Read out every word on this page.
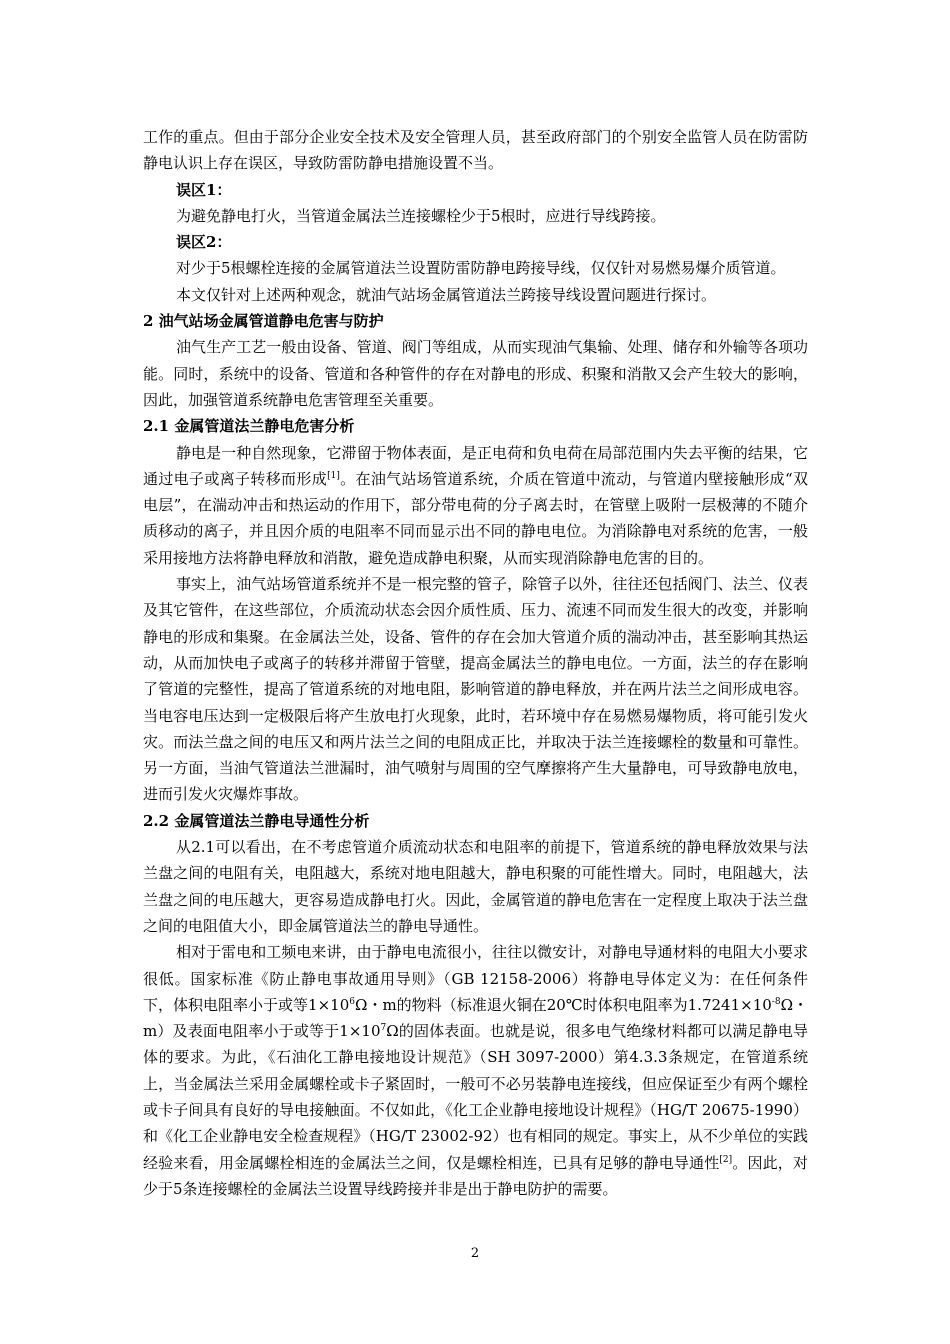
工作的重点。但由于部分企业安全技术及安全管理人员，甚至政府部门的个别安全监管人员在防雷防静电认识上存在误区，导致防雷防静电措施设置不当。

误区1：

为避免静电打火，当管道金属法兰连接螺栓少于5根时，应进行导线跨接。

误区2：

对少于5根螺栓连接的金属管道法兰设置防雷防静电跨接导线，仅仅针对易燃易爆介质管道。

本文仅针对上述两种观念，就油气站场金属管道法兰跨接导线设置问题进行探讨。

2 油气站场金属管道静电危害与防护

油气生产工艺一般由设备、管道、阀门等组成，从而实现油气集输、处理、储存和外输等各项功能。同时，系统中的设备、管道和各种管件的存在对静电的形成、积聚和消散又会产生较大的影响，因此，加强管道系统静电危害管理至关重要。

2.1 金属管道法兰静电危害分析

静电是一种自然现象，它滞留于物体表面，是正电荷和负电荷在局部范围内失去平衡的结果，它通过电子或离子转移而形成[1]。在油气站场管道系统，介质在管道中流动，与管道内壁接触形成“双电层”，在湍动冲击和热运动的作用下，部分带电荷的分子离去时，在管壁上吸附一层极薄的不随介质移动的离子，并且因介质的电阻率不同而显示出不同的静电电位。为消除静电对系统的危害，一般采用接地方法将静电释放和消散，避免造成静电积聚，从而实现消除静电危害的目的。

事实上，油气站场管道系统并不是一根完整的管子，除管子以外，往往还包括阀门、法兰、仪表及其它管件，在这些部位，介质流动状态会因介质性质、压力、流速不同而发生很大的改变，并影响静电的形成和集聚。在金属法兰处，设备、管件的存在会加大管道介质的湍动冲击，甚至影响其热运动，从而加快电子或离子的转移并滞留于管壁，提高金属法兰的静电电位。一方面，法兰的存在影响了管道的完整性，提高了管道系统的对地电阻，影响管道的静电释放，并在两片法兰之间形成电容。当电容电压达到一定极限后将产生放电打火现象，此时，若环境中存在易燃易爆物质，将可能引发火灾。而法兰盘之间的电压又和两片法兰之间的电阻成正比，并取决于法兰连接螺栓的数量和可靠性。另一方面，当油气管道法兰泄漏时，油气喷射与周围的空气摩擦将产生大量静电，可导致静电放电，进而引发火灾爆炸事故。

2.2 金属管道法兰静电导通性分析

从2.1可以看出，在不考虑管道介质流动状态和电阻率的前提下，管道系统的静电释放效果与法兰盘之间的电阻有关，电阻越大，系统对地电阻越大，静电积聚的可能性增大。同时，电阻越大，法兰盘之间的电压越大，更容易造成静电打火。因此，金属管道的静电危害在一定程度上取决于法兰盘之间的电阻值大小，即金属管道法兰的静电导通性。

相对于雷电和工频电来讲，由于静电电流很小，往往以微安计，对静电导通材料的电阻大小要求很低。国家标准《防止静电事故通用导则》（GB 12158-2006）将静电导体定义为：在任何条件下，体积电阻率小于或等$1\times 10^6\Omega$・m的物料（标准退火铜在20℃时体积电阻率为$1.7241\times 10^{-8}\Omega$・m）及表面电阻率小于或等于$1\times 10^7\Omega$的固体表面。也就是说，很多电气绝缘材料都可以满足静电导体的要求。为此，《石油化工静电接地设计规范》（SH 3097-2000）第4.3.3条规定，在管道系统上，当金属法兰采用金属螺栓或卡子紧固时，一般可不必另装静电连接线，但应保证至少有两个螺栓或卡子间具有良好的导电接触面。不仅如此，《化工企业静电接地设计规程》（HG/T 20675-1990）和《化工企业静电安全检查规程》（HG/T 23002-92）也有相同的规定。事实上，从不少单位的实践经验来看，用金属螺栓相连的金属法兰之间，仅是螺栓相连，已具有足够的静电导通性[2]。因此，对少于5条连接螺栓的金属法兰设置导线跨接并非是出于静电防护的需要。

2
